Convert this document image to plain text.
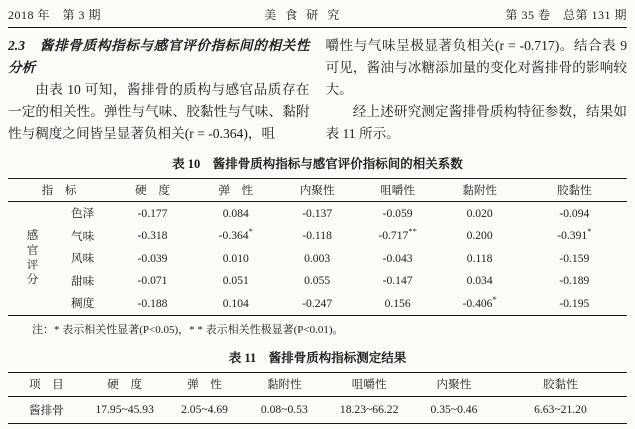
2018 年　第 3 期	美 食 研 究	第 35 卷　总第 131 期
2.3　酱排骨质构指标与感官评价指标间的相关性分析

由表 10 可知，酱排骨的质构与感官品质存在一定的相关性。弹性与气味、胶黏性与气味、黏附性与稠度之间皆呈显著负相关(r = -0.364)，咀

嚼性与气味呈极显著负相关(r = -0.717)。结合表 9 可见，酱油与冰糖添加量的变化对酱排骨的影响较大。

经上述研究测定酱排骨质构特征参数，结果如表 11 所示。

表 10　酱排骨质构指标与感官评价指标间的相关系数
指　标		硬　度	弹　性	内聚性	咀嚼性	黏附性	胶黏性

感官评分	色泽	-0.177	0.084	-0.137	-0.059	0.020	-0.094
	气味	-0.318	-0.364*	-0.118	-0.717**	0.200	-0.391*
	风味	-0.039	0.010	0.003	-0.043	0.118	-0.159
	甜味	-0.071	0.051	0.055	-0.147	0.034	-0.189
	稠度	-0.188	0.104	-0.247	0.156	-0.406*	-0.195
注：* 表示相关性显著(P<0.05)，* * 表示相关性极显著(P<0.01)。
表 11　酱排骨质构指标测定结果
项　目	硬　度	弹　性	黏附性	咀嚼性	内聚性	胶黏性
酱排骨	17.95~45.93	2.05~4.69	0.08~0.53	18.23~66.22	0.35~0.46	6.63~21.20
